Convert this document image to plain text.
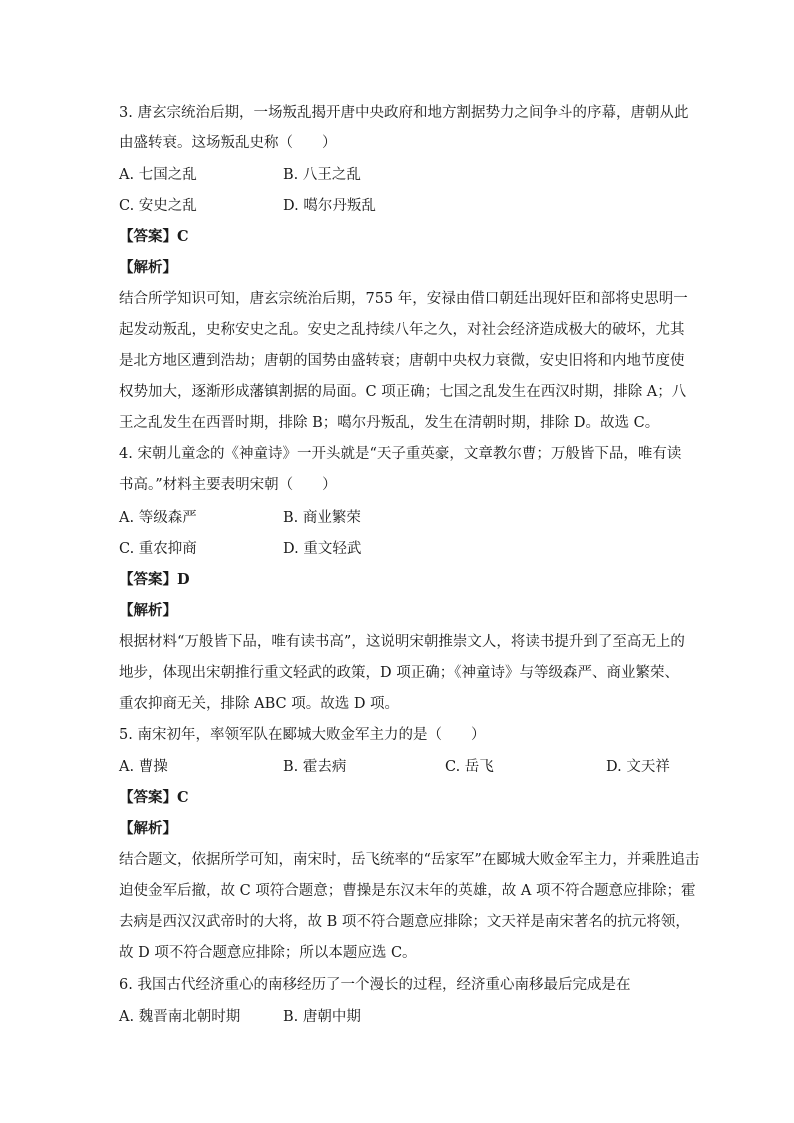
3. 唐玄宗统治后期，一场叛乱揭开唐中央政府和地方割据势力之间争斗的序幕，唐朝从此
由盛转衰。这场叛乱史称（　　）
A. 七国之乱	B. 八王之乱
C. 安史之乱	D. 噶尔丹叛乱
【答案】C
【解析】
结合所学知识可知，唐玄宗统治后期，755 年，安禄由借口朝廷出现奸臣和部将史思明一
起发动叛乱，史称安史之乱。安史之乱持续八年之久，对社会经济造成极大的破坏，尤其
是北方地区遭到浩劫；唐朝的国势由盛转衰；唐朝中央权力衰微，安史旧将和内地节度使
权势加大，逐渐形成藩镇割据的局面。C 项正确；七国之乱发生在西汉时期，排除 A；八
王之乱发生在西晋时期，排除 B；噶尔丹叛乱，发生在清朝时期，排除 D。故选 C。
4. 宋朝儿童念的《神童诗》一开头就是“天子重英豪，文章教尔曹；万般皆下品，唯有读
书高。”材料主要表明宋朝（　　）
A. 等级森严	B. 商业繁荣
C. 重农抑商	D. 重文轻武
【答案】D
【解析】
根据材料“万般皆下品，唯有读书高”，这说明宋朝推崇文人，将读书提升到了至高无上的
地步，体现出宋朝推行重文轻武的政策，D 项正确；《神童诗》与等级森严、商业繁荣、
重农抑商无关，排除 ABC 项。故选 D 项。
5. 南宋初年，率领军队在郾城大败金军主力的是（　　）
A. 曹操	B. 霍去病	C. 岳飞	D. 文天祥
【答案】C
【解析】
结合题文，依据所学可知，南宋时，岳飞统率的“岳家军”在郾城大败金军主力，并乘胜追击
迫使金军后撤，故 C 项符合题意；曹操是东汉末年的英雄，故 A 项不符合题意应排除；霍
去病是西汉汉武帝时的大将，故 B 项不符合题意应排除；文天祥是南宋著名的抗元将领，
故 D 项不符合题意应排除；所以本题应选 C。
6. 我国古代经济重心的南移经历了一个漫长的过程，经济重心南移最后完成是在
A. 魏晋南北朝时期	B. 唐朝中期
